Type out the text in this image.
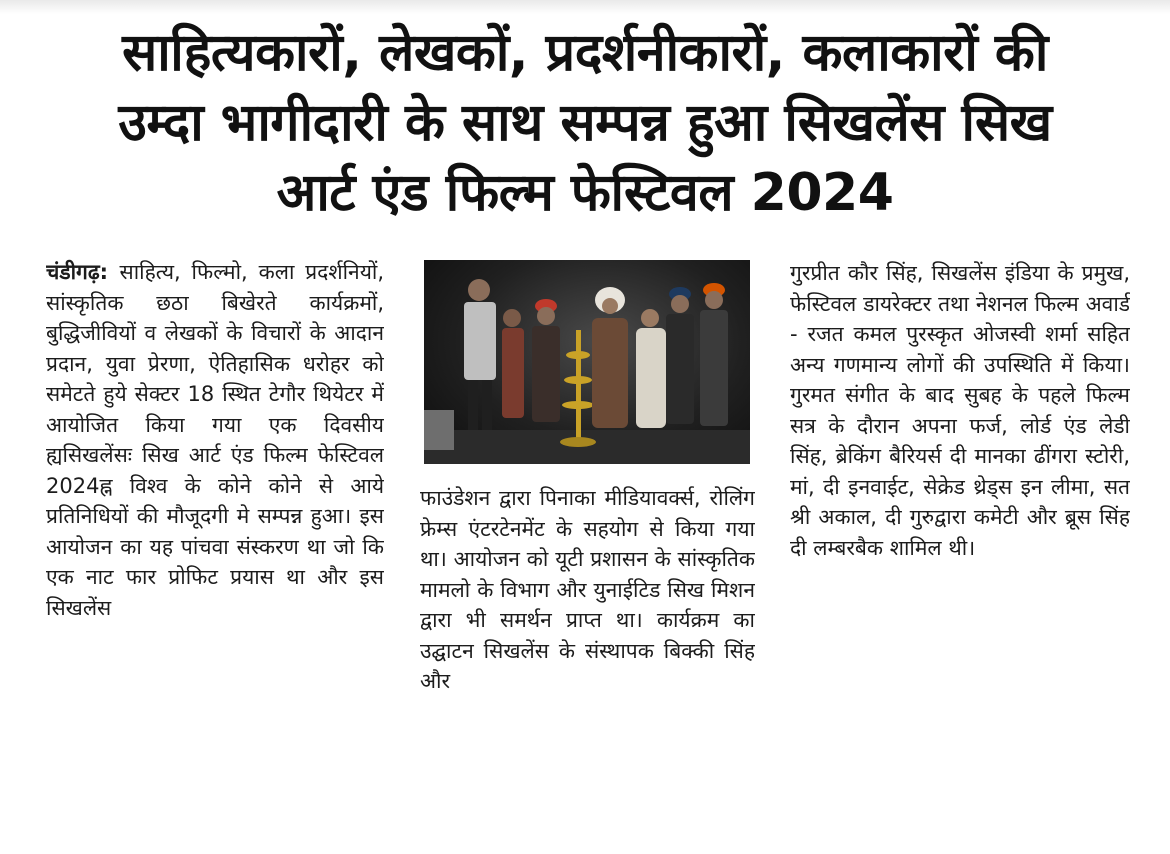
साहित्यकारों, लेखकों, प्रदर्शनीकारों, कलाकारों की
उम्दा भागीदारी के साथ सम्पन्न हुआ सिखलेंस सिख
आर्ट एंड फिल्म फेस्टिवल 2024
चंडीगढ़: साहित्य, फिल्मो, कला प्रदर्शनियों, सांस्कृतिक छठा बिखेरते कार्यक्रमों, बुद्धिजीवियों व लेखकों के विचारों के आदान प्रदान, युवा प्रेरणा, ऐतिहासिक धरोहर को समेटते हुये सेक्टर 18 स्थित टेगौर थियेटर में आयोजित किया गया एक दिवसीय ह्यसिखलेंसः सिख आर्ट एंड फिल्म फेस्टिवल 2024ह्न विश्व के कोने कोने से आये प्रतिनिधियों की मौजूदगी मे सम्पन्न हुआ। इस आयोजन का यह पांचवा संस्करण था जो कि एक नाट फार प्रोफिट प्रयास था और इस सिखलेंस
फाउंडेशन द्वारा पिनाका मीडियावर्क्स, रोलिंग फ्रेम्स एंटरटेनमेंट के सहयोग से किया गया था। आयोजन को यूटी प्रशासन के सांस्कृतिक मामलो के विभाग और युनाईटिड सिख मिशन द्वारा भी समर्थन प्राप्त था। कार्यक्रम का उद्घाटन सिखलेंस के संस्थापक बिक्की सिंह और
गुरप्रीत कौर सिंह, सिखलेंस इंडिया के प्रमुख, फेस्टिवल डायरेक्टर तथा नेशनल फिल्म अवार्ड - रजत कमल पुरस्कृत ओजस्वी शर्मा सहित अन्य गणमान्य लोगों की उपस्थिति में किया। गुरमत संगीत के बाद सुबह के पहले फिल्म सत्र के दौरान अपना फर्ज, लोर्ड एंड लेडी सिंह, ब्रेकिंग बैरियर्स दी मानका ढींगरा स्टोरी, मां, दी इनवाईट, सेक्रेड थ्रेड्स इन लीमा, सत श्री अकाल, दी गुरुद्वारा कमेटी और ब्रूस सिंह दी लम्बरबैक शामिल थी।
